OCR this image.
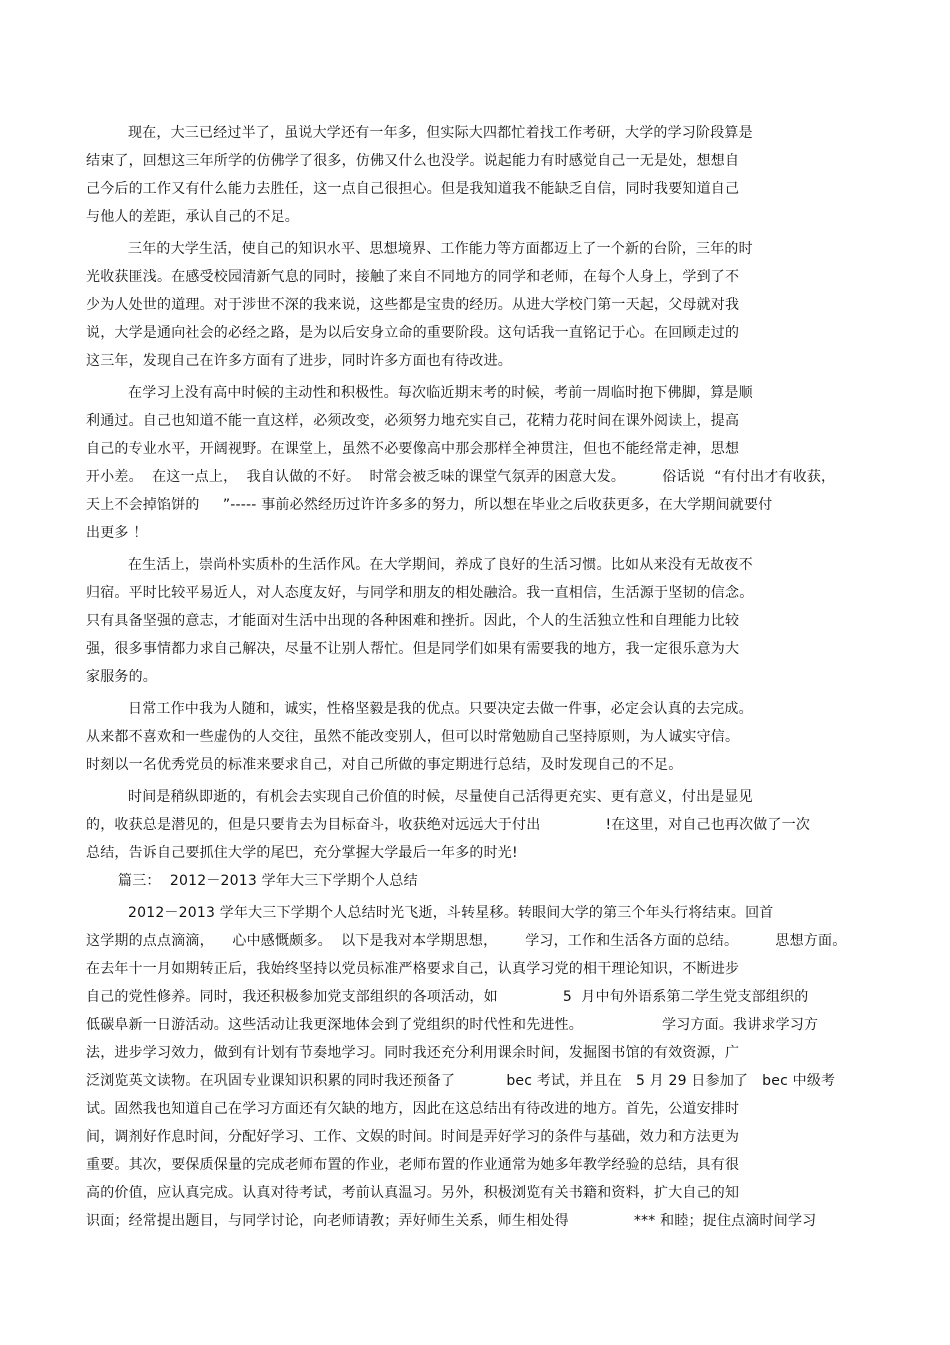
现在，大三已经过半了，虽说大学还有一年多，但实际大四都忙着找工作考研，大学的学习阶段算是
结束了，回想这三年所学的仿佛学了很多，仿佛又什么也没学。说起能力有时感觉自己一无是处，想想自
己今后的工作又有什么能力去胜任，这一点自己很担心。但是我知道我不能缺乏自信，同时我要知道自己
与他人的差距，承认自己的不足。
三年的大学生活，使自己的知识水平、思想境界、工作能力等方面都迈上了一个新的台阶，三年的时
光收获匪浅。在感受校园清新气息的同时，接触了来自不同地方的同学和老师，在每个人身上，学到了不
少为人处世的道理。对于涉世不深的我来说，这些都是宝贵的经历。从进大学校门第一天起，父母就对我
说，大学是通向社会的必经之路，是为以后安身立命的重要阶段。这句话我一直铭记于心。在回顾走过的
这三年，发现自己在许多方面有了进步，同时许多方面也有待改进。
在学习上没有高中时候的主动性和积极性。每次临近期末考的时候，考前一周临时抱下佛脚，算是顺
利通过。自己也知道不能一直这样，必须改变，必须努力地充实自己，花精力花时间在课外阅读上，提高
自己的专业水平，开阔视野。在课堂上，虽然不必要像高中那会那样全神贯注，但也不能经常走神，思想
开小差。  在这一点上，  我自认做的不好。  时常会被乏味的课堂气氛弄的困意大发。        俗话说  “有付出才有收获，
天上不会掉馅饼的     ”----- 事前必然经历过许许多多的努力，所以想在毕业之后收获更多，在大学期间就要付
出更多 ！
在生活上，崇尚朴实质朴的生活作风。在大学期间，养成了良好的生活习惯。比如从来没有无故夜不
归宿。平时比较平易近人，对人态度友好，与同学和朋友的相处融洽。我一直相信，生活源于坚韧的信念。
只有具备坚强的意志，才能面对生活中出现的各种困难和挫折。因此，个人的生活独立性和自理能力比较
强，很多事情都力求自己解决，尽量不让别人帮忙。但是同学们如果有需要我的地方，我一定很乐意为大
家服务的。
日常工作中我为人随和，诚实，性格坚毅是我的优点。只要决定去做一件事，必定会认真的去完成。
从来都不喜欢和一些虚伪的人交往，虽然不能改变别人，但可以时常勉励自己坚持原则，为人诚实守信。
时刻以一名优秀党员的标准来要求自己，对自己所做的事定期进行总结，及时发现自己的不足。
时间是稍纵即逝的，有机会去实现自己价值的时候，尽量使自己活得更充实、更有意义，付出是显见
的，收获总是潜见的，但是只要肯去为目标奋斗，收获绝对远远大于付出              !在这里，对自己也再次做了一次
总结，告诉自己要抓住大学的尾巴，充分掌握大学最后一年多的时光!
篇三：  2012－2013 学年大三下学期个人总结
2012－2013 学年大三下学期个人总结时光飞逝，斗转星移。转眼间大学的第三个年头行将结束。回首
这学期的点点滴滴，    心中感慨颇多。  以下是我对本学期思想，      学习，工作和生活各方面的总结。        思想方面。
在去年十一月如期转正后，我始终坚持以党员标准严格要求自己，认真学习党的相干理论知识，不断进步
自己的党性修养。同时，我还积极参加党支部组织的各项活动，如              5  月中旬外语系第二学生党支部组织的
低碳阜新一日游活动。这些活动让我更深地体会到了党组织的时代性和先进性。                 学习方面。我讲求学习方
法，进步学习效力，做到有计划有节奏地学习。同时我还充分利用课余时间，发掘图书馆的有效资源，广
泛浏览英文读物。在巩固专业课知识积累的同时我还预备了           bec 考试，并且在   5 月 29 日参加了   bec 中级考
试。固然我也知道自己在学习方面还有欠缺的地方，因此在这总结出有待改进的地方。首先，公道安排时
间，调剂好作息时间，分配好学习、工作、文娱的时间。时间是弄好学习的条件与基础，效力和方法更为
重要。其次，要保质保量的完成老师布置的作业，老师布置的作业通常为她多年教学经验的总结，具有很
高的价值，应认真完成。认真对待考试，考前认真温习。另外，积极浏览有关书籍和资料，扩大自己的知
识面；经常提出题目，与同学讨论，向老师请教；弄好师生关系，师生相处得              *** 和睦；捉住点滴时间学习
